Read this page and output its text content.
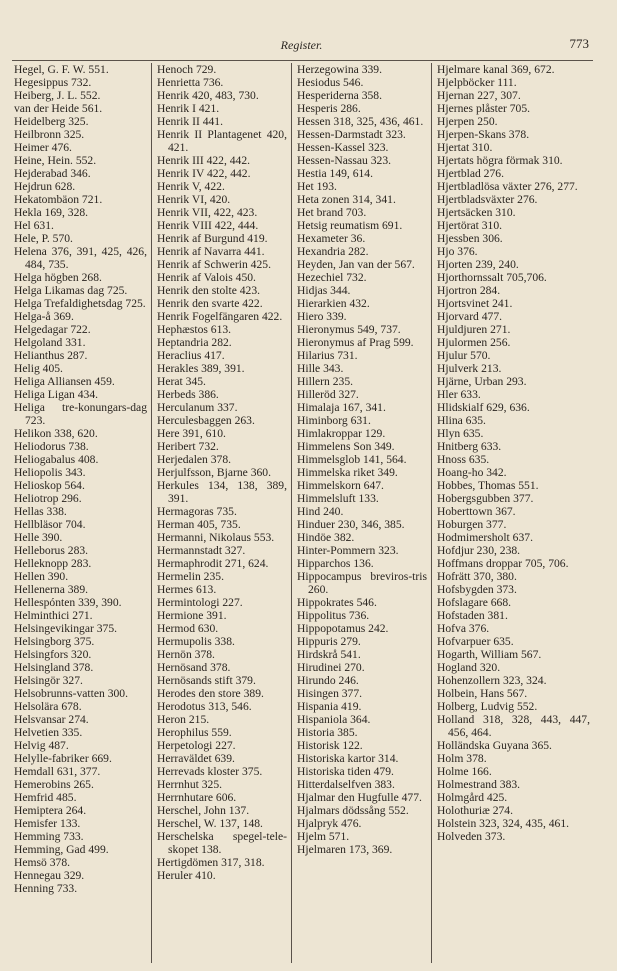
Register.	773
Hegel, G. F. W. 551.
Hegesippus 732.
Heiberg, J. L. 552.
van der Heide 561.
Heidelberg 325.
Heilbronn 325.
Heimer 476.
Heine, Hein. 552.
Hejderabad 346.
Hejdrun 628.
Hekatombäon 721.
Hekla 169, 328.
Hel 631.
Hele, P. 570.
Helena 376, 391, 425, 426, 484, 735.
Helga högben 268.
Helga Likamas dag 725.
Helga Trefaldighetsdag 725.
Helga-å 369.
Helgedagar 722.
Helgoland 331.
Helianthus 287.
Helig 405.
Heliga Alliansen 459.
Heliga Ligan 434.
Heliga tre-konungars-dag 723.
Helikon 338, 620.
Heliodorus 738.
Heliogabalus 408.
Heliopolis 343.
Helioskop 564.
Heliotrop 296.
Hellas 338.
Hellbläsor 704.
Helle 390.
Helleborus 283.
Helleknopp 283.
Hellen 390.
Hellenerna 389.
Hellespónten 339, 390.
Helminthici 271.
Helsingevikingar 375.
Helsingborg 375.
Helsingfors 320.
Helsingland 378.
Helsingör 327.
Helsobrunns-vatten 300.
Helsolära 678.
Helsvansar 274.
Helvetien 335.
Helvig 487.
Helylle-fabriker 669.
Hemdall 631, 377.
Hemerobins 265.
Hemfrid 485.
Hemiptera 264.
Hemisfer 133.
Hemming 733.
Hemming, Gad 499.
Hemsö 378.
Hennegau 329.
Henning 733.
Henoch 729.
Henrietta 736.
Henrik 420, 483, 730.
Henrik I 421.
Henrik II 441.
Henrik II Plantagenet 420, 421.
Henrik III 422, 442.
Henrik IV 422, 442.
Henrik V, 422.
Henrik VI, 420.
Henrik VII, 422, 423.
Henrik VIII 422, 444.
Henrik af Burgund 419.
Henrik af Navarra 441.
Henrik af Schwerin 425.
Henrik af Valois 450.
Henrik den stolte 423.
Henrik den svarte 422.
Henrik Fogelfängaren 422.
Hephæstos 613.
Heptandria 282.
Heraclius 417.
Herakles 389, 391.
Herat 345.
Herbeds 386.
Herculanum 337.
Herculesbaggen 263.
Here 391, 610.
Heribert 732.
Herjedalen 378.
Herjulfsson, Bjarne 360.
Herkules 134, 138, 389, 391.
Hermagoras 735.
Herman 405, 735.
Hermanni, Nikolaus 553.
Hermannstadt 327.
Hermaphrodit 271, 624.
Hermelin 235.
Hermes 613.
Hermintologi 227.
Hermione 391.
Hermod 630.
Hermupolis 338.
Hernön 378.
Hernösand 378.
Hernösands stift 379.
Herodes den store 389.
Herodotus 313, 546.
Heron 215.
Herophilus 559.
Herpetologi 227.
Herraväldet 639.
Herrevads kloster 375.
Herrnhut 325.
Herrnhutare 606.
Herschel, John 137.
Herschel, W. 137, 148.
Herschelska spegel-tele-skopet 138.
Hertigdömen 317, 318.
Heruler 410.
Herzegowina 339.
Hesiodus 546.
Hesperiderna 358.
Hesperis 286.
Hessen 318, 325, 436, 461.
Hessen-Darmstadt 323.
Hessen-Kassel 323.
Hessen-Nassau 323.
Hestia 149, 614.
Het 193.
Heta zonen 314, 341.
Het brand 703.
Hetsig reumatism 691.
Hexameter 36.
Hexandria 282.
Heyden, Jan van der 567.
Hezechiel 732.
Hidjas 344.
Hierarkien 432.
Hiero 339.
Hieronymus 549, 737.
Hieronymus af Prag 599.
Hilarius 731.
Hille 343.
Hillern 235.
Hilleröd 327.
Himalaja 167, 341.
Himinborg 631.
Himlakroppar 129.
Himmelens Son 349.
Himmelsglob 141, 564.
Himmelska riket 349.
Himmelskorn 647.
Himmelsluft 133.
Hind 240.
Hinduer 230, 346, 385.
Hindöe 382.
Hinter-Pommern 323.
Hipparchos 136.
Hippocampus breviros-tris 260.
Hippokrates 546.
Hippolitus 736.
Hippopotamus 242.
Hippuris 279.
Hirdskrå 541.
Hirudinei 270.
Hirundo 246.
Hisingen 377.
Hispania 419.
Hispaniola 364.
Historia 385.
Historisk 122.
Historiska kartor 314.
Historiska tiden 479.
Hitterdalselfven 383.
Hjalmar den Hugfulle 477.
Hjalmars dödssång 552.
Hjalpryk 476.
Hjelm 571.
Hjelmaren 173, 369.
Hjelmare kanal 369, 672.
Hjelpböcker 111.
Hjernan 227, 307.
Hjernes plåster 705.
Hjerpen 250.
Hjerpen-Skans 378.
Hjertat 310.
Hjertats högra förmak 310.
Hjertblad 276.
Hjertbladlösa växter 276, 277.
Hjertbladsväxter 276.
Hjertsäcken 310.
Hjertörat 310.
Hjessben 306.
Hjo 376.
Hjorten 239, 240.
Hjorthornssalt 705,706.
Hjortron 284.
Hjortsvinet 241.
Hjorvard 477.
Hjuldjuren 271.
Hjulormen 256.
Hjulur 570.
Hjulverk 213.
Hjärne, Urban 293.
Hler 633.
Hlidskialf 629, 636.
Hlina 635.
Hlyn 635.
Hnitberg 633.
Hnoss 635.
Hoang-ho 342.
Hobbes, Thomas 551.
Hobergsgubben 377.
Hoberttown 367.
Hoburgen 377.
Hodmimersholt 637.
Hofdjur 230, 238.
Hoffmans droppar 705, 706.
Hofrätt 370, 380.
Hofsbygden 373.
Hofslagare 668.
Hofstaden 381.
Hofva 376.
Hofvarpuer 635.
Hogarth, William 567.
Hogland 320.
Hohenzollern 323, 324.
Holbein, Hans 567.
Holberg, Ludvig 552.
Holland 318, 328, 443, 447, 456, 464.
Holländska Guyana 365.
Holm 378.
Holme 166.
Holmestrand 383.
Holmgård 425.
Holothuriæ 274.
Holstein 323, 324, 435, 461.
Holveden 373.
